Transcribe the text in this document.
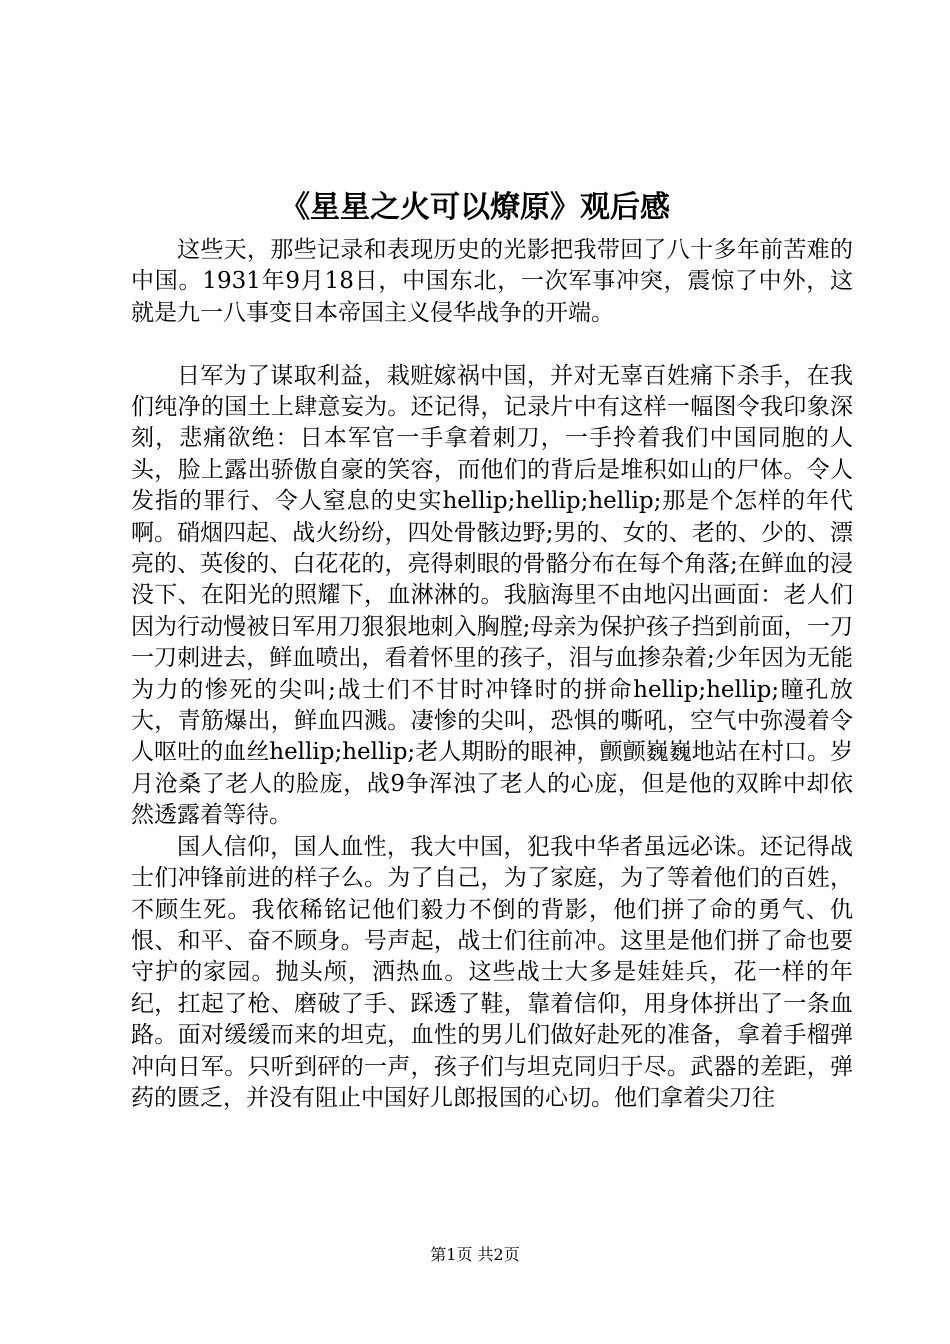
《星星之火可以燎原》观后感

这些天，那些记录和表现历史的光影把我带回了八十多年前苦难的中国。1931年9月18日，中国东北，一次军事冲突，震惊了中外，这就是九一八事变日本帝国主义侵华战争的开端。

日军为了谋取利益，栽赃嫁祸中国，并对无辜百姓痛下杀手，在我们纯净的国土上肆意妄为。还记得，记录片中有这样一幅图令我印象深刻，悲痛欲绝：日本军官一手拿着刺刀，一手拎着我们中国同胞的人头，脸上露出骄傲自豪的笑容，而他们的背后是堆积如山的尸体。令人发指的罪行、令人窒息的史实hellip;hellip;hellip;那是个怎样的年代啊。硝烟四起、战火纷纷，四处骨骸边野;男的、女的、老的、少的、漂亮的、英俊的、白花花的，亮得刺眼的骨骼分布在每个角落;在鲜血的浸没下、在阳光的照耀下，血淋淋的。我脑海里不由地闪出画面：老人们因为行动慢被日军用刀狠狠地刺入胸膛;母亲为保护孩子挡到前面，一刀一刀刺进去，鲜血喷出，看着怀里的孩子，泪与血掺杂着;少年因为无能为力的惨死的尖叫;战士们不甘时冲锋时的拼命hellip;hellip;瞳孔放大，青筋爆出，鲜血四溅。凄惨的尖叫，恐惧的嘶吼，空气中弥漫着令人呕吐的血丝hellip;hellip;老人期盼的眼神，颤颤巍巍地站在村口。岁月沧桑了老人的脸庞，战9争浑浊了老人的心庞，但是他的双眸中却依然透露着等待。

国人信仰，国人血性，我大中国，犯我中华者虽远必诛。还记得战士们冲锋前进的样子么。为了自己，为了家庭，为了等着他们的百姓，不顾生死。我依稀铭记他们毅力不倒的背影，他们拼了命的勇气、仇恨、和平、奋不顾身。号声起，战士们往前冲。这里是他们拼了命也要守护的家园。抛头颅，洒热血。这些战士大多是娃娃兵，花一样的年纪，扛起了枪、磨破了手、踩透了鞋，靠着信仰，用身体拼出了一条血路。面对缓缓而来的坦克，血性的男儿们做好赴死的准备，拿着手榴弹冲向日军。只听到砰的一声，孩子们与坦克同归于尽。武器的差距，弹药的匮乏，并没有阻止中国好儿郎报国的心切。他们拿着尖刀往

第1页 共2页
